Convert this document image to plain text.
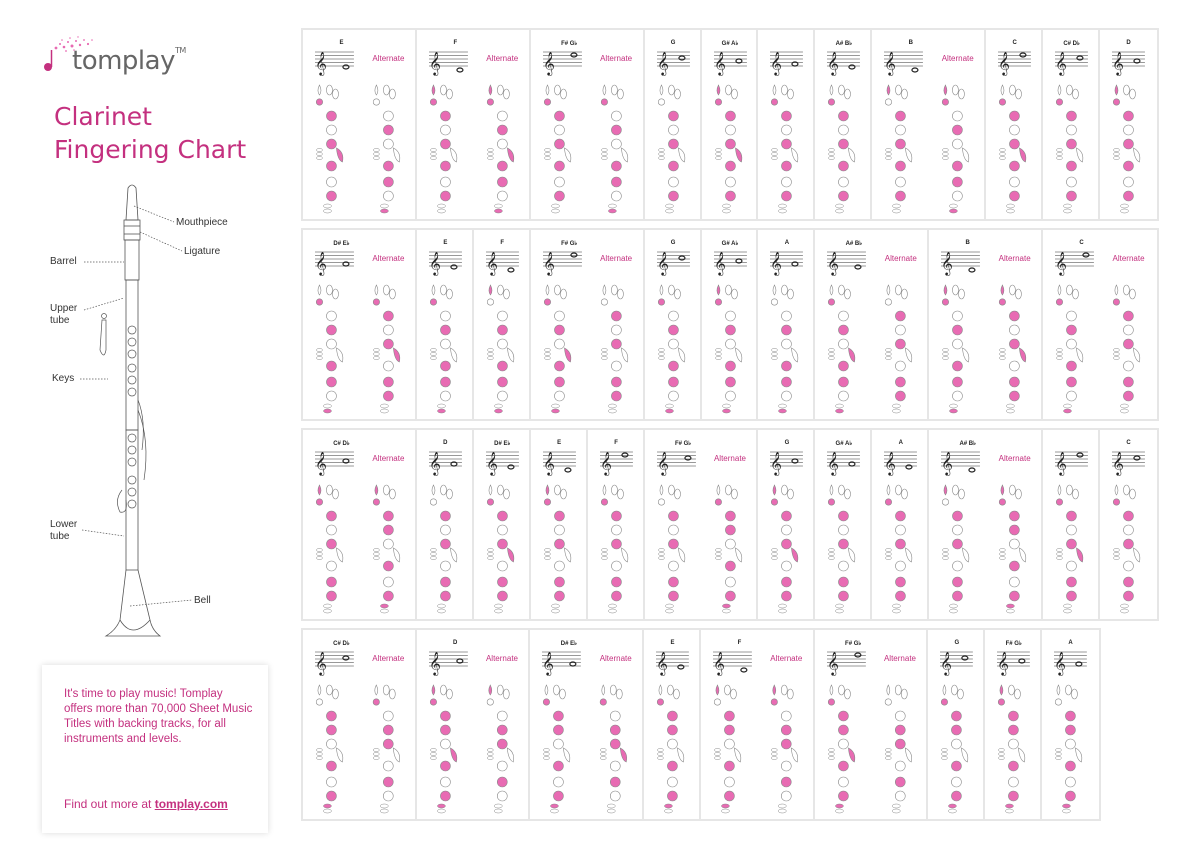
tomplay™
Clarinet
Fingering Chart
Mouthpiece
Ligature
Barrel
Upper tube
Keys
Lower tube
Bell
It's time to play music! Tomplay offers more than 70,000 Sheet Music Titles with backing tracks, for all instruments and levels.
Find out more at tomplay.com
𝄞
E
Alternate	𝄞
F
Alternate	𝄞
F# G♭
Alternate	𝄞
G
𝄞
G# A♭
𝄞 𝄞
A# B♭
𝄞
B
Alternate	𝄞
C
𝄞
C# D♭
𝄞
D
𝄞
D# E♭
Alternate	𝄞
E
𝄞
F
𝄞
F# G♭
Alternate	𝄞
G
𝄞
G# A♭
𝄞
A
𝄞
A# B♭
Alternate	𝄞
B
Alternate	𝄞
C
Alternate
𝄞
C# D♭
Alternate	𝄞
D
𝄞
D# E♭
𝄞
E
𝄞
F
𝄞
F# G♭
Alternate	𝄞
G
𝄞
G# A♭
𝄞
A
𝄞
A# B♭
Alternate	𝄞 𝄞
C
𝄞
C# D♭
Alternate	𝄞
D
Alternate	𝄞
D# E♭
Alternate	𝄞
E
𝄞
F
Alternate	𝄞
F# G♭
Alternate	𝄞
G
𝄞
F# G♭
𝄞
A
